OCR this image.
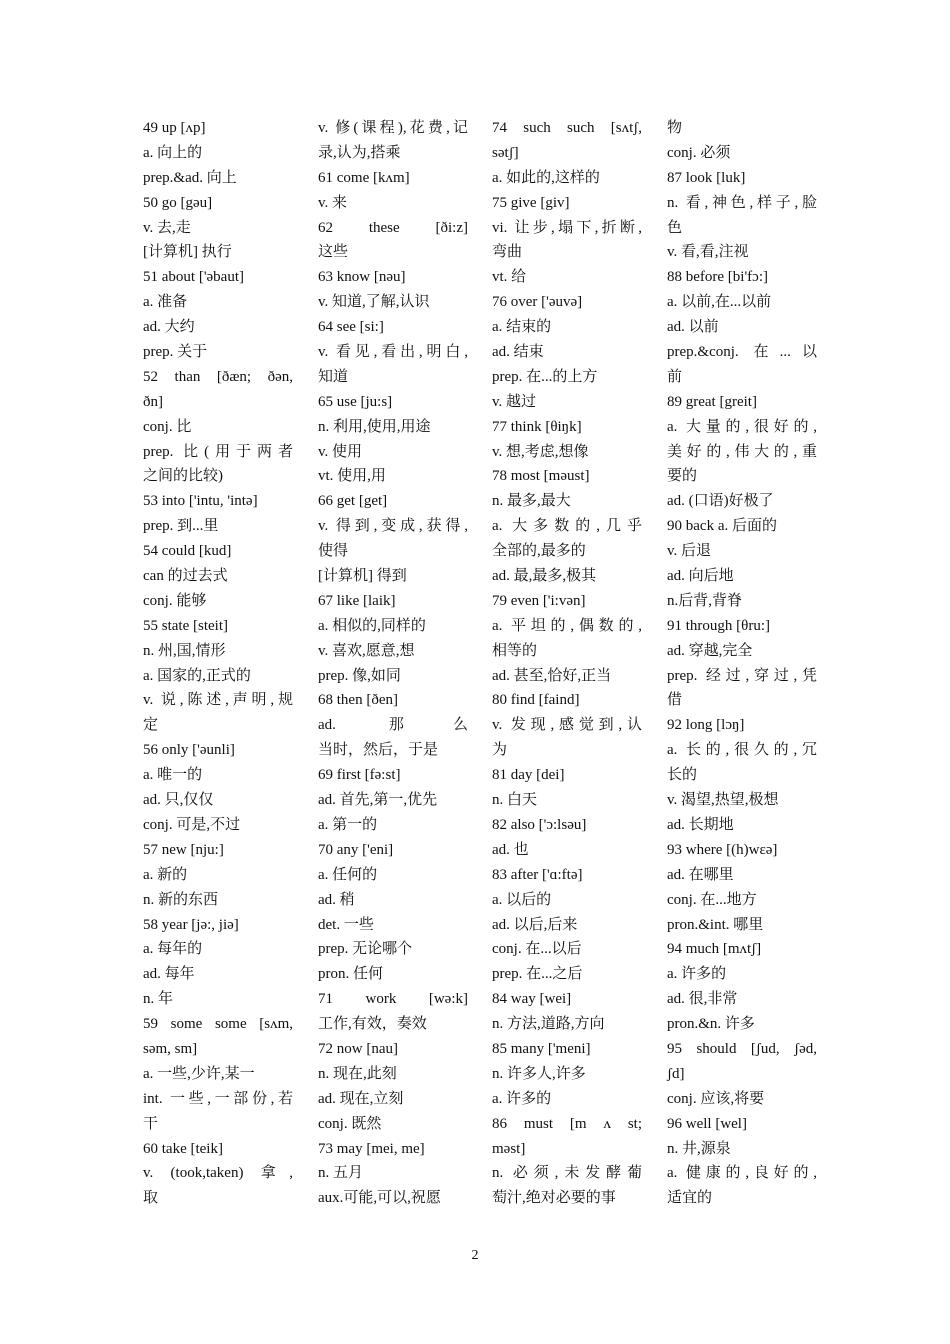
49 up [ʌp]
a. 向上的
prep.&ad. 向上
50 go [gəu]
v. 去,走
[计算机] 执行
51 about ['əbaut]
a. 准备
ad. 大约
prep. 关于
52 than [ðæn; ðən,
ðn]
conj. 比
prep. 比(用于两者
之间的比较)
53 into ['intu, 'intə]
prep. 到...里
54 could [kud]
can 的过去式
conj. 能够
55 state [steit]
n. 州,国,情形
a. 国家的,正式的
v. 说,陈述,声明,规
定
56 only ['əunli]
a. 唯一的
ad. 只,仅仅
conj. 可是,不过
57 new [nju:]
a. 新的
n. 新的东西
58 year [jə:, jiə]
a. 每年的
ad. 每年
n. 年
59 some some [sʌm,
səm, sm]
a. 一些,少许,某一
int. 一些,一部份,若
干
60 take [teik]
v. (took,taken) 拿,
取
v. 修(课程),花费,记
录,认为,搭乘
61 come [kʌm]
v. 来
62 these [ði:z]
这些
63 know [nəu]
v. 知道,了解,认识
64 see [si:]
v. 看见,看出,明白,
知道
65 use [ju:s]
n. 利用,使用,用途
v. 使用
vt. 使用,用
66 get [get]
v. 得到,变成,获得,
使得
[计算机] 得到
67 like [laik]
a. 相似的,同样的
v. 喜欢,愿意,想
prep. 像,如同
68 then [ðen]
ad. 那么
当时，然后，于是
69 first [fə:st]
ad. 首先,第一,优先
a. 第一的
70 any ['eni]
a. 任何的
ad. 稍
det. 一些
prep. 无论哪个
pron. 任何
71 work [wə:k]
工作,有效，奏效
72 now [nau]
n. 现在,此刻
ad. 现在,立刻
conj. 既然
73 may [mei, me]
n. 五月
aux.可能,可以,祝愿
74 such such [sʌtʃ,
sətʃ]
a. 如此的,这样的
75 give [giv]
vi. 让步,塌下,折断,
弯曲
vt. 给
76 over ['əuvə]
a. 结束的
ad. 结束
prep. 在...的上方
v. 越过
77 think [θiŋk]
v. 想,考虑,想像
78 most [məust]
n. 最多,最大
a. 大多数的,几乎
全部的,最多的
ad. 最,最多,极其
79 even ['i:vən]
a. 平坦的,偶数的,
相等的
ad. 甚至,恰好,正当
80 find [faind]
v. 发现,感觉到,认
为
81 day [dei]
n. 白天
82 also ['ɔ:lsəu]
ad. 也
83 after ['ɑ:ftə]
a. 以后的
ad. 以后,后来
conj. 在...以后
prep. 在...之后
84 way [wei]
n. 方法,道路,方向
85 many ['meni]
n. 许多人,许多
a. 许多的
86 must [m ʌ st;
məst]
n. 必须,未发酵葡
萄汁,绝对必要的事
物
conj. 必须
87 look [luk]
n. 看,神色,样子,脸
色
v. 看,看,注视
88 before [bi'fɔ:]
a. 以前,在...以前
ad. 以前
prep.&conj. 在...以
前
89 great [greit]
a. 大量的,很好的,
美好的,伟大的,重
要的
ad. (口语)好极了
90 back a. 后面的
v. 后退
ad. 向后地
n.后背,背脊
91 through [θru:]
ad. 穿越,完全
prep. 经过,穿过,凭
借
92 long [lɔŋ]
a. 长的,很久的,冗
长的
v. 渴望,热望,极想
ad. 长期地
93 where [(h)wɛə]
ad. 在哪里
conj. 在...地方
pron.&int. 哪里
94 much [mʌtʃ]
a. 许多的
ad. 很,非常
pron.&n. 许多
95 should [ʃud, ʃəd,
ʃd]
conj. 应该,将要
96 well [wel]
n. 井,源泉
a. 健康的,良好的,
适宜的
2
